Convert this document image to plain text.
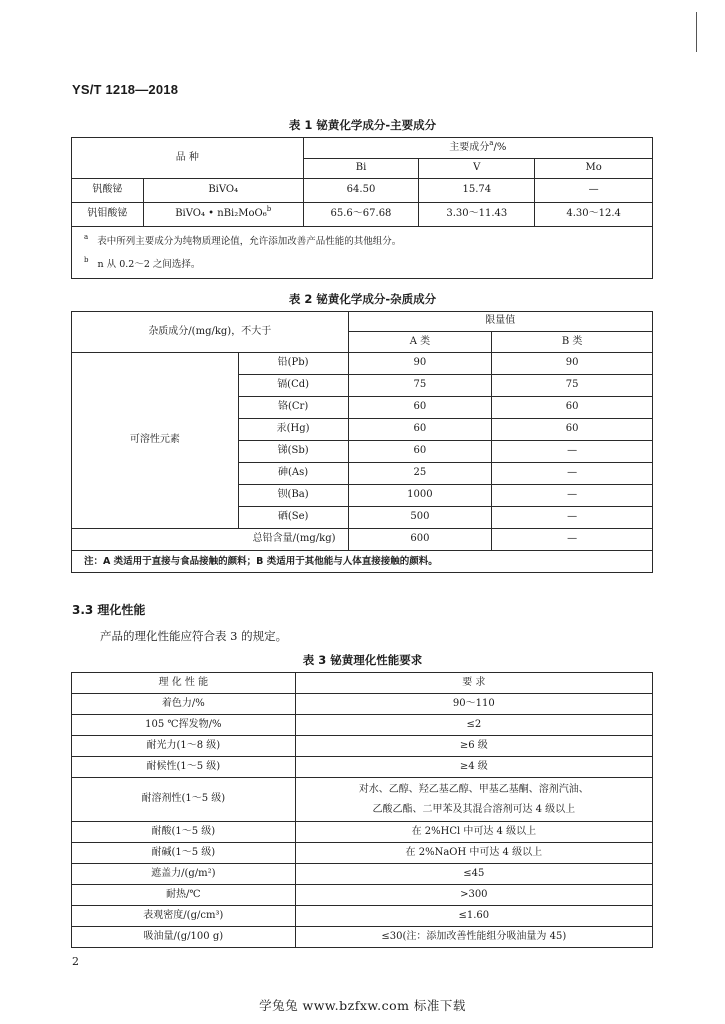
YS/T 1218—2018
表 1 铋黄化学成分-主要成分
品 种		主要成分$^a$/%		
		Bi	V	Mo
钒酸铋	BiVO₄	64.50	15.74	—
钒钼酸铋	BiVO₄ • nBi₂MoO₆$^b$	65.6～67.68	3.30～11.43	4.30～12.4

$^a$ 表中所列主要成分为纯物质理论值，允许添加改善产品性能的其他组分。
$^b$ n 从 0.2～2 之间选择。				
表 2 铋黄化学成分-杂质成分
杂质成分/(mg/kg)，不大于		限量值	
		A 类	B 类
可溶性元素	铅(Pb)	90	90
	镉(Cd)	75	75
	铬(Cr)	60	60
	汞(Hg)	60	60
	锑(Sb)	60	—
	砷(As)	25	—
	钡(Ba)	1000	—
	硒(Se)	500	—
总铅含量/(mg/kg)		600	—
注：A 类适用于直接与食品接触的颜料；B 类适用于其他能与人体直接接触的颜料。			
3.3 理化性能
产品的理化性能应符合表 3 的规定。
表 3 铋黄理化性能要求
理 化 性 能	要 求
着色力/%	90～110
105 ℃挥发物/%	≤2
耐光力(1～8 级)	≥6 级
耐候性(1～5 级)	≥4 级
耐溶剂性(1～5 级)	对水、乙醇、羟乙基乙醇、甲基乙基酮、溶剂汽油、
乙酸乙酯、二甲苯及其混合溶剂可达 4 级以上

耐酸(1～5 级)	在 2%HCl 中可达 4 级以上
耐碱(1～5 级)	在 2%NaOH 中可达 4 级以上
遮盖力/(g/m²)	≤45
耐热/℃	>300
表观密度/(g/cm³)	≤1.60
吸油量/(g/100 g)	≤30(注：添加改善性能组分吸油量为 45)
2
学兔兔 www.bzfxw.com 标准下载
